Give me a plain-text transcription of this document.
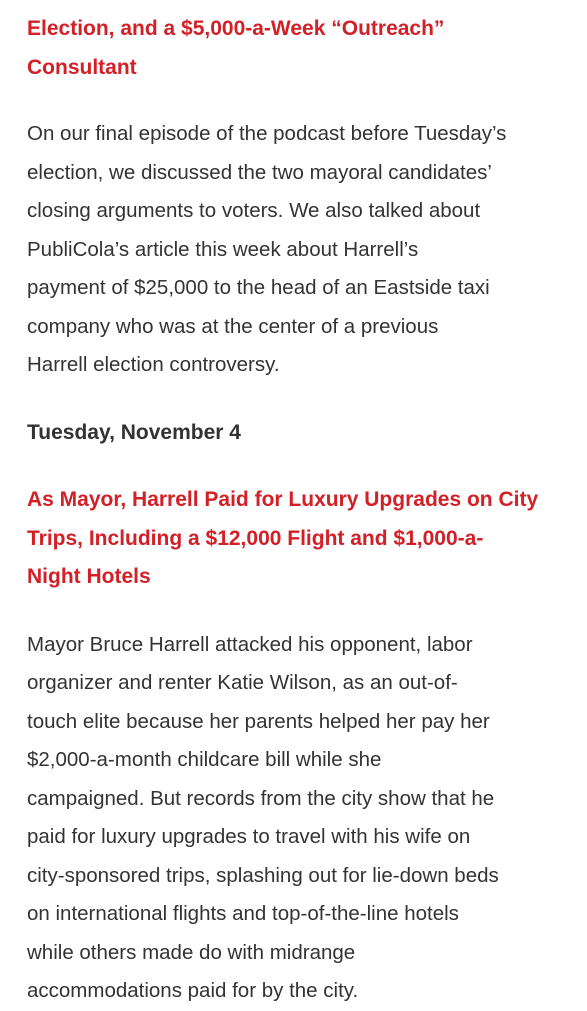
Election, and a $5,000-a-Week “Outreach”
Consultant

On our final episode of the podcast before Tuesday’s
election, we discussed the two mayoral candidates’
closing arguments to voters. We also talked about
PubliCola’s article this week about Harrell’s
payment of $25,000 to the head of an Eastside taxi
company who was at the center of a previous
Harrell election controversy.

Tuesday, November 4
As Mayor, Harrell Paid for Luxury Upgrades on City
Trips, Including a $12,000 Flight and $1,000-a-
Night Hotels

Mayor Bruce Harrell attacked his opponent, labor
organizer and renter Katie Wilson, as an out-of-
touch elite because her parents helped her pay her
$2,000-a-month childcare bill while she
campaigned. But records from the city show that he
paid for luxury upgrades to travel with his wife on
city-sponsored trips, splashing out for lie-down beds
on international flights and top-of-the-line hotels
while others made do with midrange
accommodations paid for by the city.
